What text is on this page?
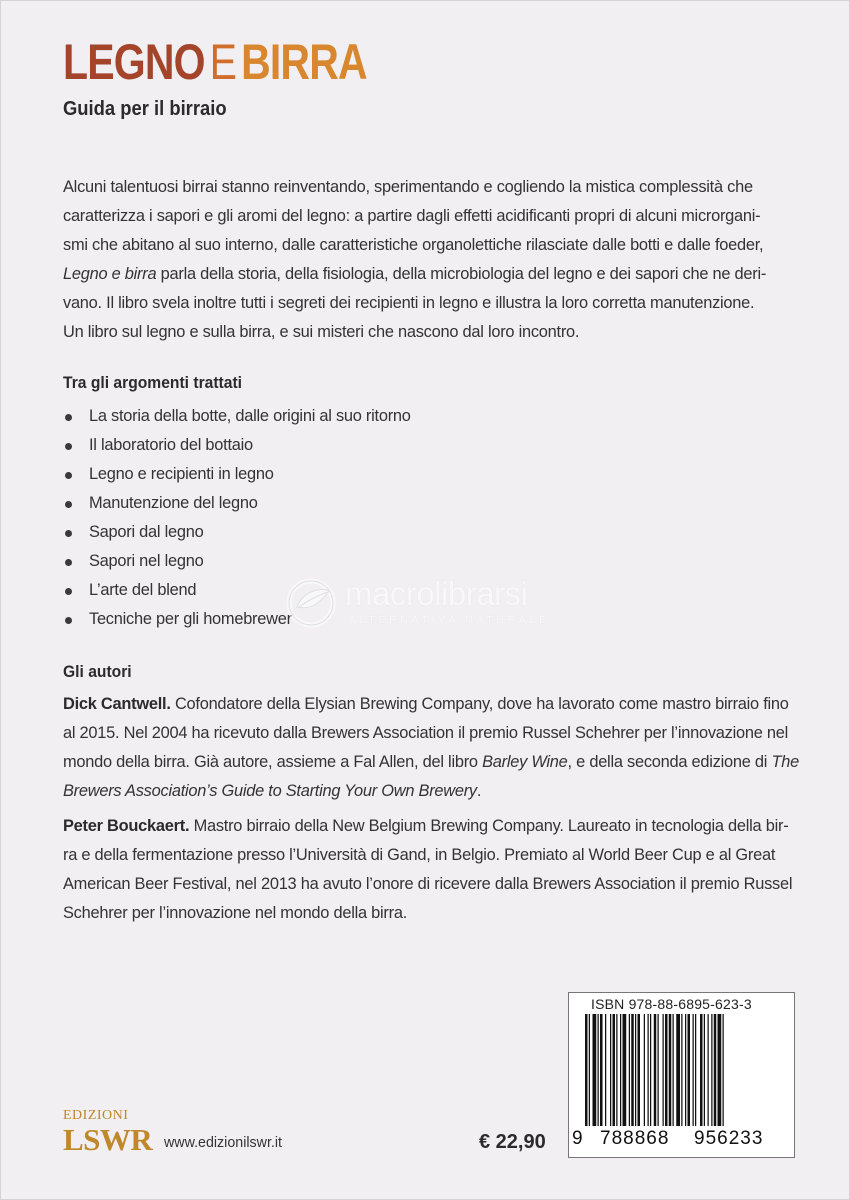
LEGNOEBIRRA
Guida per il birraio
Alcuni talentuosi birrai stanno reinventando, sperimentando e cogliendo la mistica complessità che
caratterizza i sapori e gli aromi del legno: a partire dagli effetti acidificanti propri di alcuni microrgani-
smi che abitano al suo interno, dalle caratteristiche organolettiche rilasciate dalle botti e dalle foeder,
Legno e birra parla della storia, della fisiologia, della microbiologia del legno e dei sapori che ne deri-
vano. Il libro svela inoltre tutti i segreti dei recipienti in legno e illustra la loro corretta manutenzione.
Un libro sul legno e sulla birra, e sui misteri che nascono dal loro incontro.
Tra gli argomenti trattati
La storia della botte, dalle origini al suo ritorno
Il laboratorio del bottaio
Legno e recipienti in legno
Manutenzione del legno
Sapori dal legno
Sapori nel legno
L’arte del blend
Tecniche per gli homebrewer
macrolibrarsi
ALTERNATIVA NATURALE
Gli autori
Dick Cantwell. Cofondatore della Elysian Brewing Company, dove ha lavorato come mastro birraio fino
al 2015. Nel 2004 ha ricevuto dalla Brewers Association il premio Russel Schehrer per l’innovazione nel
mondo della birra. Già autore, assieme a Fal Allen, del libro Barley Wine, e della seconda edizione di The
Brewers Association’s Guide to Starting Your Own Brewery.
Peter Bouckaert. Mastro birraio della New Belgium Brewing Company. Laureato in tecnologia della bir-
ra e della fermentazione presso l’Università di Gand, in Belgio. Premiato al World Beer Cup e al Great
American Beer Festival, nel 2013 ha avuto l’onore di ricevere dalla Brewers Association il premio Russel
Schehrer per l’innovazione nel mondo della birra.
ISBN 978-88-6895-623-3
9 788868 956233
EDIZIONI
LSWR www.edizionilswr.it	€ 22,90
